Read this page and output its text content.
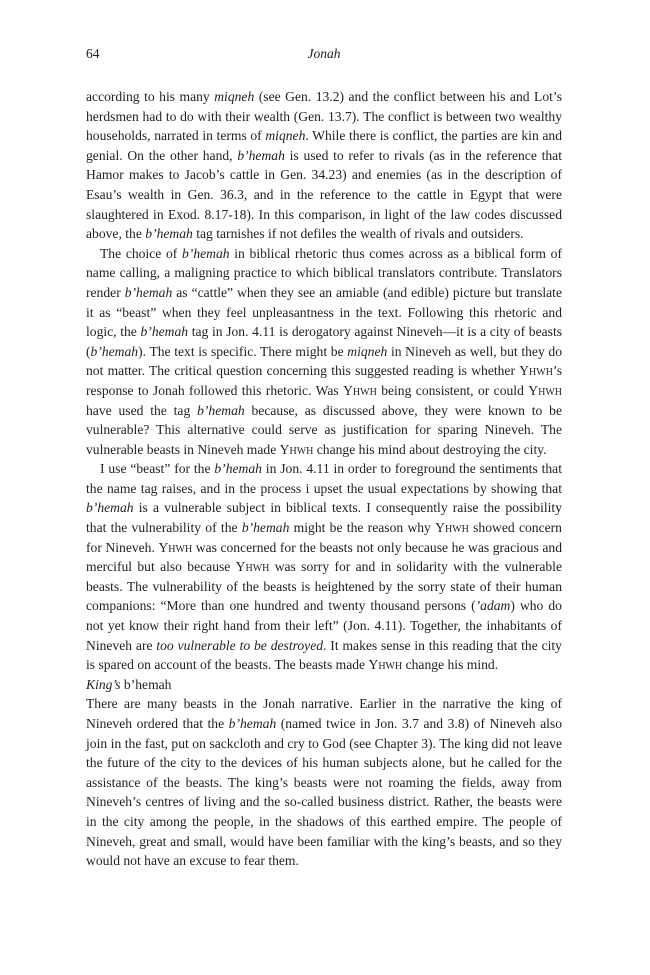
64	Jonah

according to his many miqneh (see Gen. 13.2) and the conflict between his and Lot’s herdsmen had to do with their wealth (Gen. 13.7). The conflict is between two wealthy households, narrated in terms of miqneh. While there is conflict, the parties are kin and genial. On the other hand, b’hemah is used to refer to rivals (as in the reference that Hamor makes to Jacob’s cattle in Gen. 34.23) and enemies (as in the description of Esau’s wealth in Gen. 36.3, and in the reference to the cattle in Egypt that were slaughtered in Exod. 8.17-18). In this comparison, in light of the law codes discussed above, the b’hemah tag tarnishes if not defiles the wealth of rivals and outsiders.

The choice of b’hemah in biblical rhetoric thus comes across as a biblical form of name calling, a maligning practice to which biblical translators contribute. Translators render b’hemah as “cattle” when they see an amiable (and edible) picture but translate it as “beast” when they feel unpleasantness in the text. Following this rhetoric and logic, the b’hemah tag in Jon. 4.11 is derogatory against Nineveh—it is a city of beasts (b’hemah). The text is specific. There might be miqneh in Nineveh as well, but they do not matter. The critical question concerning this suggested reading is whether Yhwh’s response to Jonah followed this rhetoric. Was Yhwh being consistent, or could Yhwh have used the tag b’hemah because, as discussed above, they were known to be vulnerable? This alternative could serve as justification for sparing Nineveh. The vulnerable beasts in Nineveh made Yhwh change his mind about destroying the city.

I use “beast” for the b’hemah in Jon. 4.11 in order to foreground the sentiments that the name tag raises, and in the process i upset the usual expectations by showing that b’hemah is a vulnerable subject in biblical texts. I consequently raise the possibility that the vulnerability of the b’hemah might be the reason why Yhwh showed concern for Nineveh. Yhwh was concerned for the beasts not only because he was gracious and merciful but also because Yhwh was sorry for and in solidarity with the vulnerable beasts. The vulnerability of the beasts is heightened by the sorry state of their human companions: “More than one hundred and twenty thousand persons (’adam) who do not yet know their right hand from their left” (Jon. 4.11). Together, the inhabitants of Nineveh are too vulnerable to be destroyed. It makes sense in this reading that the city is spared on account of the beasts. The beasts made Yhwh change his mind.

King’s b’hemah

There are many beasts in the Jonah narrative. Earlier in the narrative the king of Nineveh ordered that the b’hemah (named twice in Jon. 3.7 and 3.8) of Nineveh also join in the fast, put on sackcloth and cry to God (see Chapter 3). The king did not leave the future of the city to the devices of his human subjects alone, but he called for the assistance of the beasts. The king’s beasts were not roaming the fields, away from Nineveh’s centres of living and the so-called business district. Rather, the beasts were in the city among the people, in the shadows of this earthed empire. The people of Nineveh, great and small, would have been familiar with the king’s beasts, and so they would not have an excuse to fear them.
